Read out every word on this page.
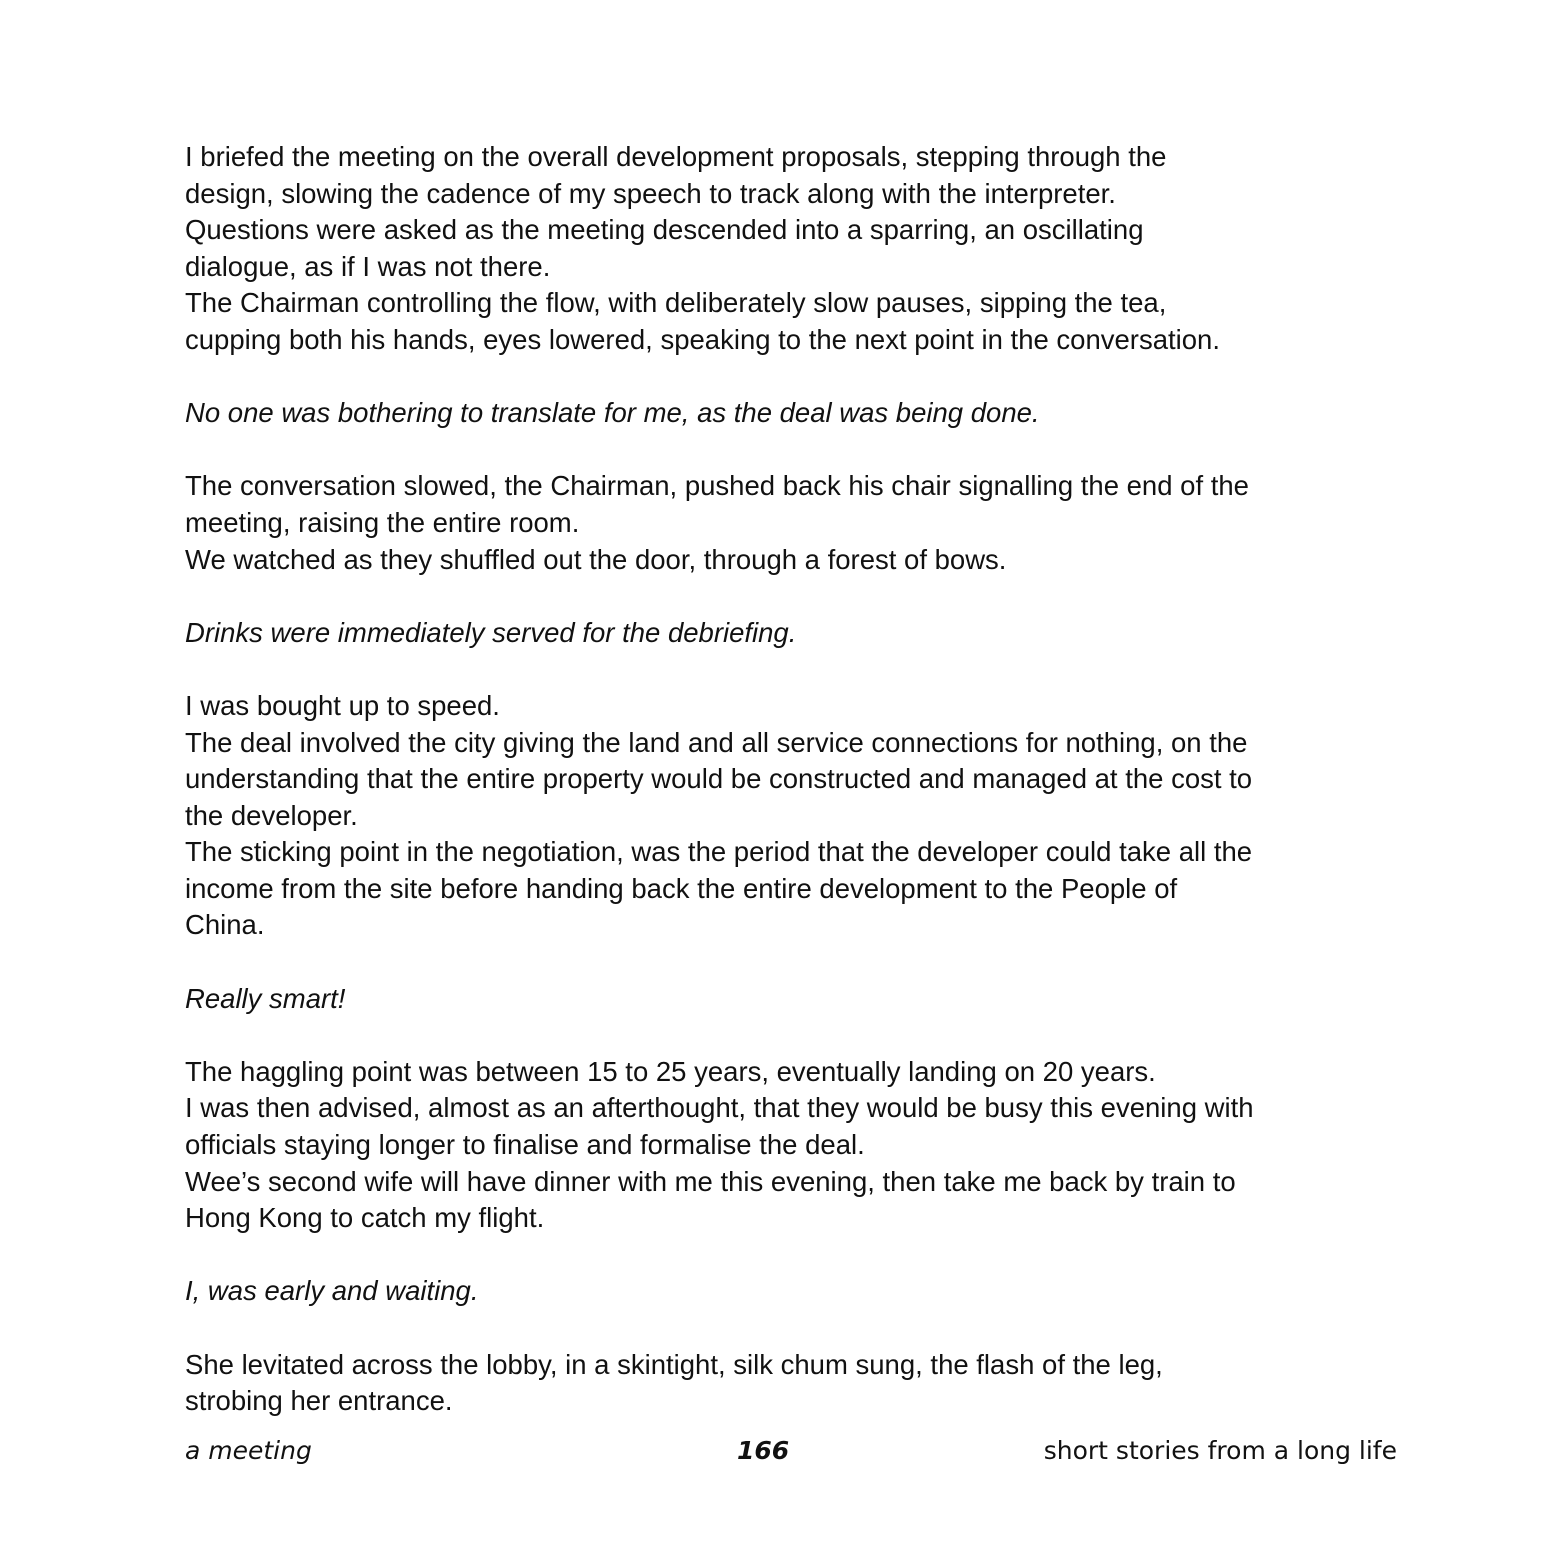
I briefed the meeting on the overall development proposals, stepping through the
design, slowing the cadence of my speech to track along with the interpreter.
Questions were asked as the meeting descended into a sparring, an oscillating
dialogue, as if I was not there.
The Chairman controlling the flow, with deliberately slow pauses, sipping the tea,
cupping both his hands, eyes lowered, speaking to the next point in the conversation.

No one was bothering to translate for me, as the deal was being done.

The conversation slowed, the Chairman, pushed back his chair signalling the end of the
meeting, raising the entire room.
We watched as they shuffled out the door, through a forest of bows.

Drinks were immediately served for the debriefing.

I was bought up to speed.
The deal involved the city giving the land and all service connections for nothing, on the
understanding that the entire property would be constructed and managed at the cost to
the developer.
The sticking point in the negotiation, was the period that the developer could take all the
income from the site before handing back the entire development to the People of
China.

Really smart!

The haggling point was between 15 to 25 years, eventually landing on 20 years.
I was then advised, almost as an afterthought, that they would be busy this evening with
officials staying longer to finalise and formalise the deal.
Wee’s second wife will have dinner with me this evening, then take me back by train to
Hong Kong to catch my flight.

I, was early and waiting.

She levitated across the lobby, in a skintight, silk chum sung, the flash of the leg,
strobing her entrance.

a meeting	166	short stories from a long life
